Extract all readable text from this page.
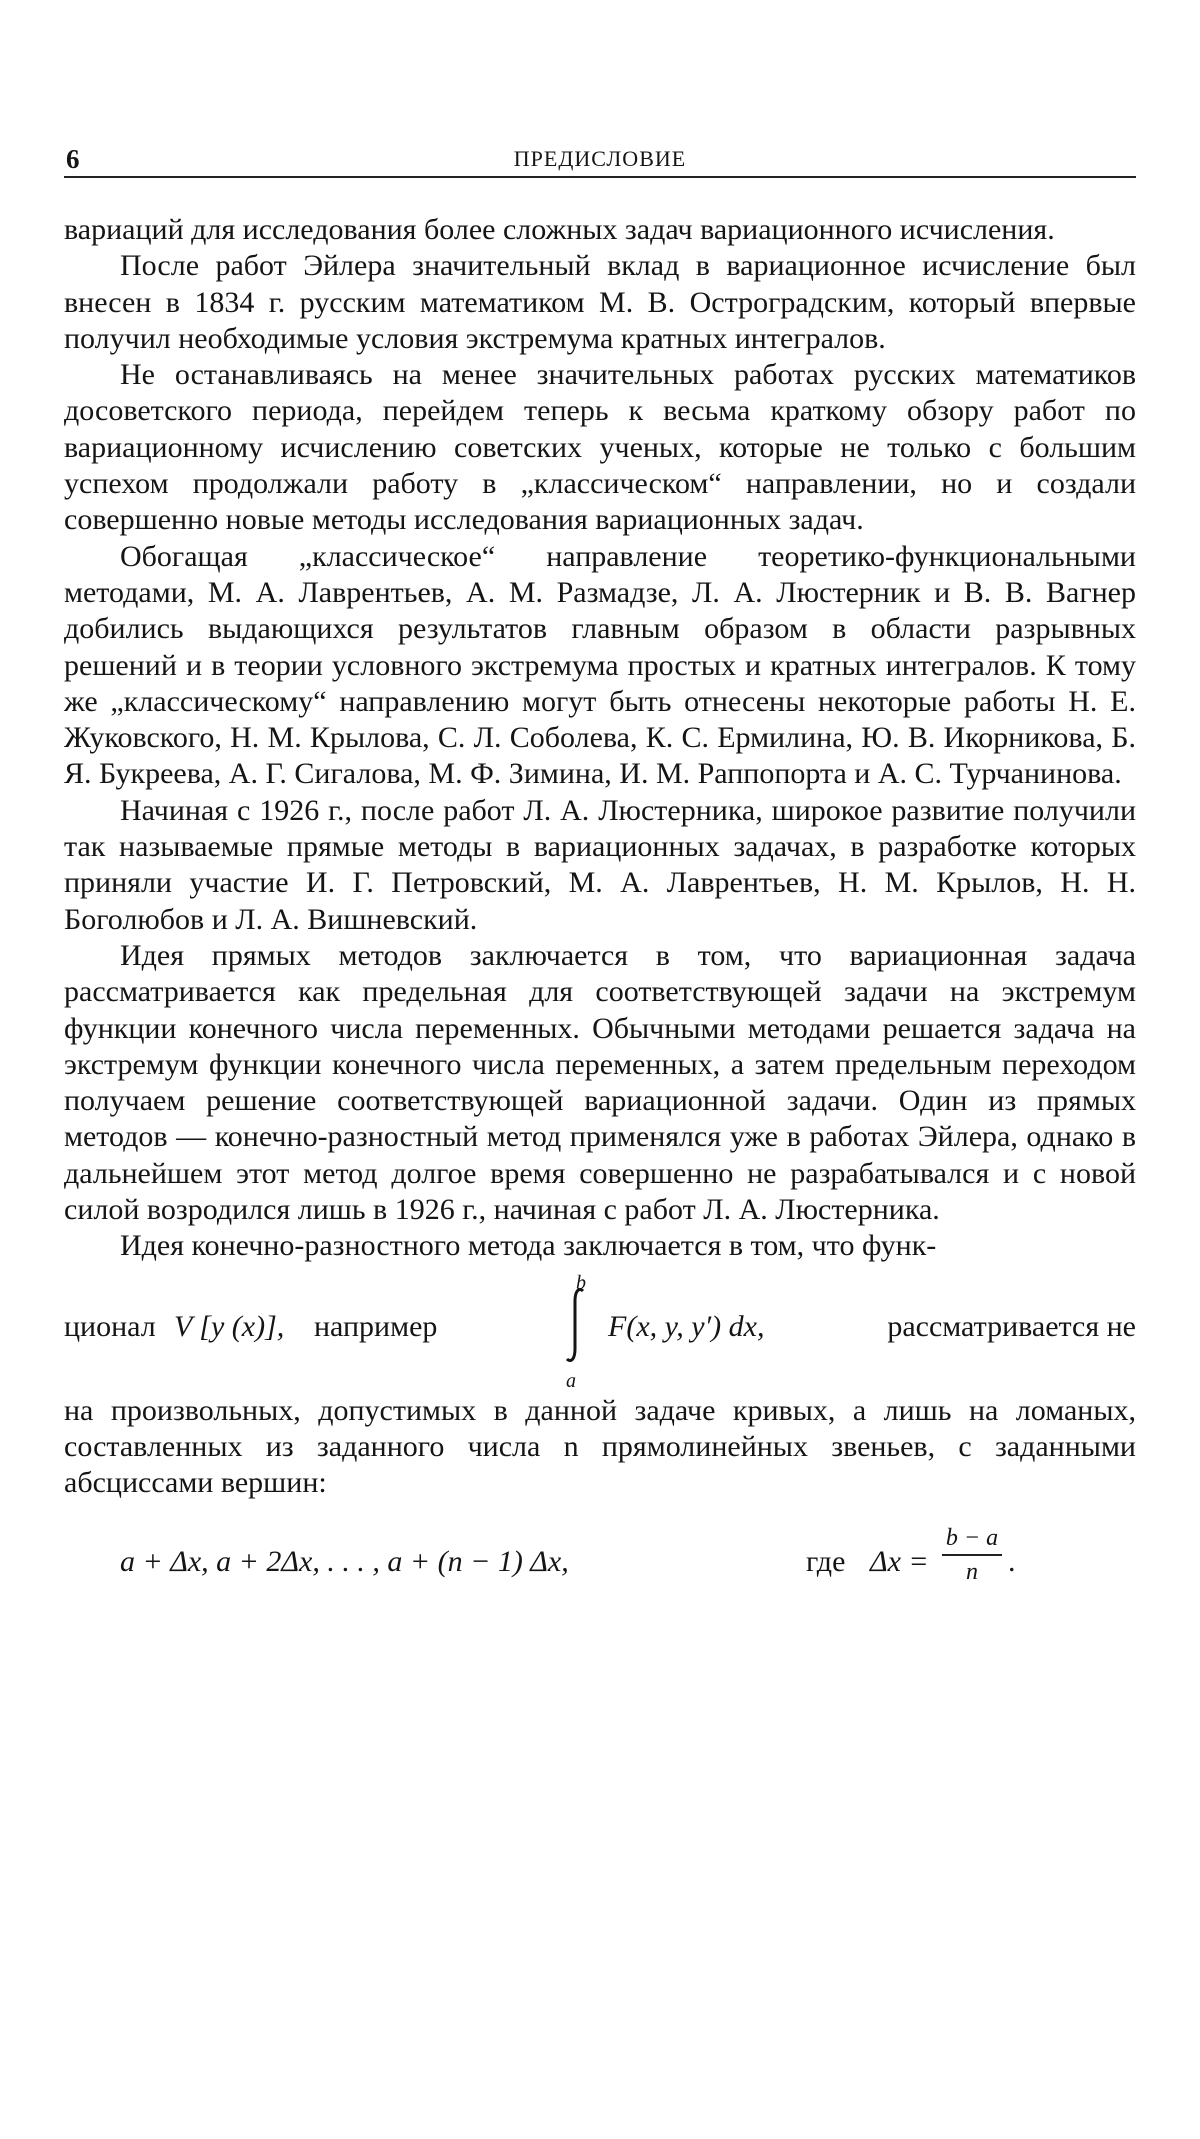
6	ПРЕДИСЛОВИЕ

вариаций для исследования более сложных задач вариационного исчисления.

После работ Эйлера значительный вклад в вариационное исчисление был внесен в 1834 г. русским математиком М. В. Остроградским, который впервые получил необходимые условия экстремума кратных интегралов.

Не останавливаясь на менее значительных работах русских математиков досоветского периода, перейдем теперь к весьма краткому обзору работ по вариационному исчислению советских ученых, которые не только с большим успехом продолжали работу в „классическом“ направлении, но и создали совершенно новые методы исследования вариационных задач.

Обогащая „классическое“ направление теоретико-функциональными методами, М. А. Лаврентьев, А. М. Размадзе, Л. А. Люстерник и В. В. Вагнер добились выдающихся результатов главным образом в области разрывных решений и в теории условного экстремума простых и кратных интегралов. К тому же „классическому“ направлению могут быть отнесены некоторые работы Н. Е. Жуковского, Н. М. Крылова, С. Л. Соболева, К. С. Ермилина, Ю. В. Икорникова, Б. Я. Букреева, А. Г. Сигалова, М. Ф. Зимина, И. М. Раппопорта и А. С. Турчанинова.

Начиная с 1926 г., после работ Л. А. Люстерника, широкое развитие получили так называемые прямые методы в вариационных задачах, в разработке которых приняли участие И. Г. Петровский, М. А. Лаврентьев, Н. М. Крылов, Н. Н. Боголюбов и Л. А. Вишневский.

Идея прямых методов заключается в том, что вариационная задача рассматривается как предельная для соответствующей задачи на экстремум функции конечного числа переменных. Обычными методами решается задача на экстремум функции конечного числа переменных, а затем предельным переходом получаем решение соответствующей вариационной задачи. Один из прямых методов — конечно-разностный метод применялся уже в работах Эйлера, однако в дальнейшем этот метод долгое время совершенно не разрабатывался и с новой силой возродился лишь в 1926 г., начиная с работ Л. А. Люстерника.

Идея конечно-разностного метода заключается в том, что функ-

ционал V [y (x)], например
b
a
F(x, y, y′) dx,	рассматривается не

на произвольных, допустимых в данной задаче кривых, а лишь на ломаных, составленных из заданного числа n прямолинейных звеньев, с заданными абсциссами вершин:

a + Δx, a + 2Δx, . . . , a + (n − 1) Δx,	где Δx =
b − a
n	.
